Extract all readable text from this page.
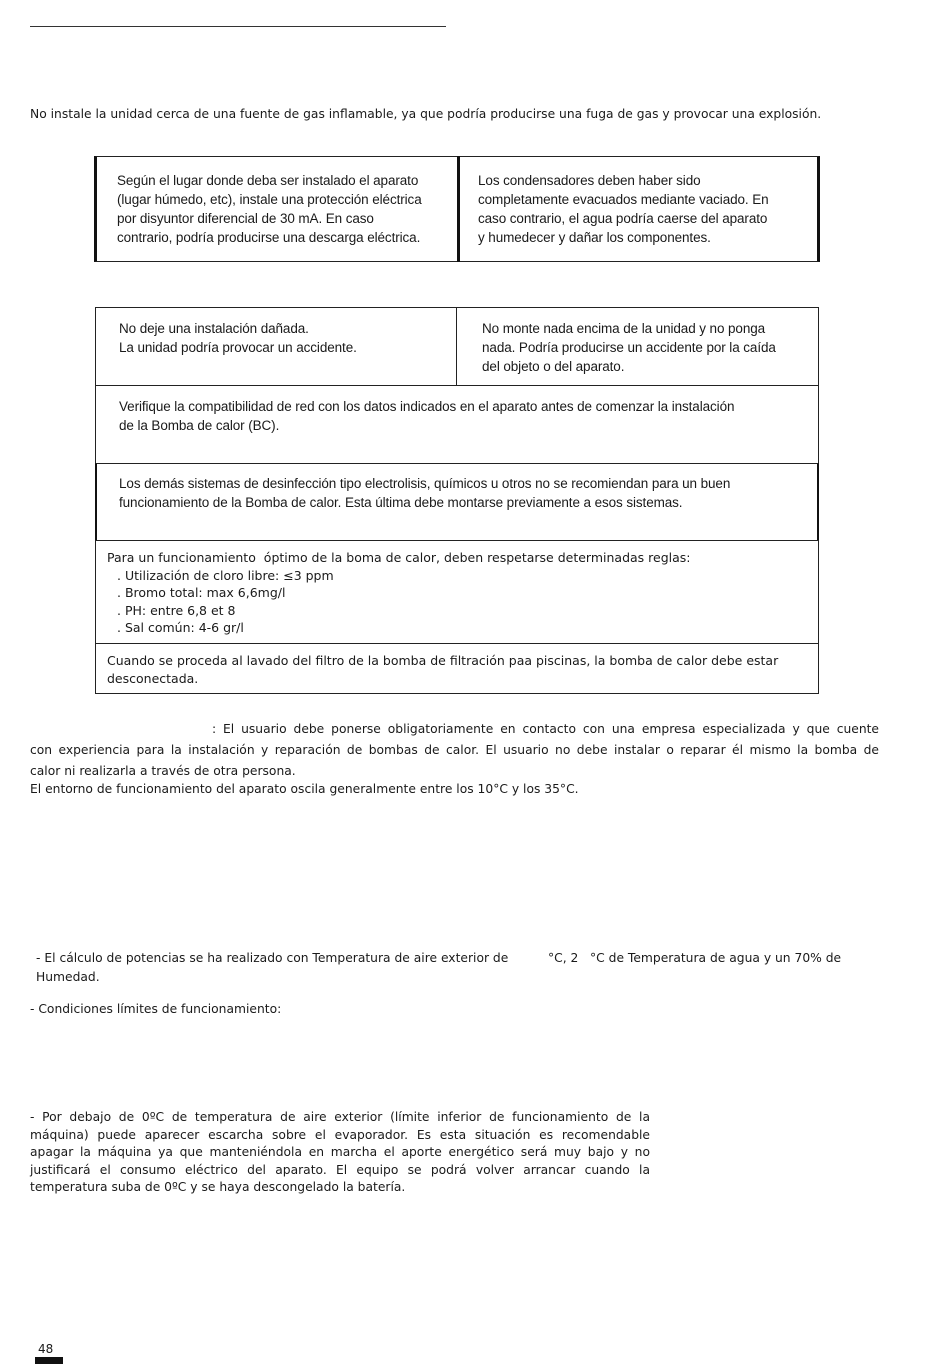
No instale la unidad cerca de una fuente de gas inflamable, ya que podría producirse una fuga de gas y provocar una explosión.
Según el lugar donde deba ser instalado el aparato
(lugar húmedo, etc), instale una protección eléctrica
por disyuntor diferencial de 30 mA. En caso
contrario, podría producirse una descarga eléctrica.
Los condensadores deben haber sido
completamente evacuados mediante vaciado. En
caso contrario, el agua podría caerse del aparato
y humedecer y dañar los componentes.
No deje una instalación dañada.
La unidad podría provocar un accidente.
No monte nada encima de la unidad y no ponga
nada. Podría producirse un accidente por la caída
del objeto o del aparato.
Verifique la compatibilidad de red con los datos indicados en el aparato antes de comenzar la instalación
de la Bomba de calor (BC).
Los demás sistemas de desinfección tipo electrolisis, químicos u otros no se recomiendan para un buen
funcionamiento de la Bomba de calor. Esta última debe montarse previamente a esos sistemas.
Para un funcionamiento  óptimo de la boma de calor, deben respetarse determinadas reglas:
. Utilización de cloro libre: ≤3 ppm
. Bromo total: max 6,6mg/l
. PH: entre 6,8 et 8
. Sal común: 4-6 gr/l
Cuando se proceda al lavado del filtro de la bomba de filtración paa piscinas, la bomba de calor debe estar
desconectada.
: El usuario debe ponerse obligatoriamente en contacto con una empresa especializada y que cuente
con experiencia para la instalación y reparación de bombas de calor. El usuario no debe instalar o reparar él mismo la bomba de
calor ni realizarla a través de otra persona.
El entorno de funcionamiento del aparato oscila generalmente entre los 10°C y los 35°C.
- El cálculo de potencias se ha realizado con Temperatura de aire exterior de	°C, 2 °C de Temperatura de agua y un 70% de
Humedad.
- Condiciones límites de funcionamiento:
- Por debajo de 0ºC de temperatura de aire exterior (límite inferior de funcionamiento de la
máquina) puede aparecer escarcha sobre el evaporador. Es esta situación es recomendable
apagar la máquina ya que manteniéndola en marcha el aporte energético será muy bajo y no
justificará el consumo eléctrico del aparato. El equipo se podrá volver arrancar cuando la
temperatura suba de 0ºC y se haya descongelado la batería.
48
